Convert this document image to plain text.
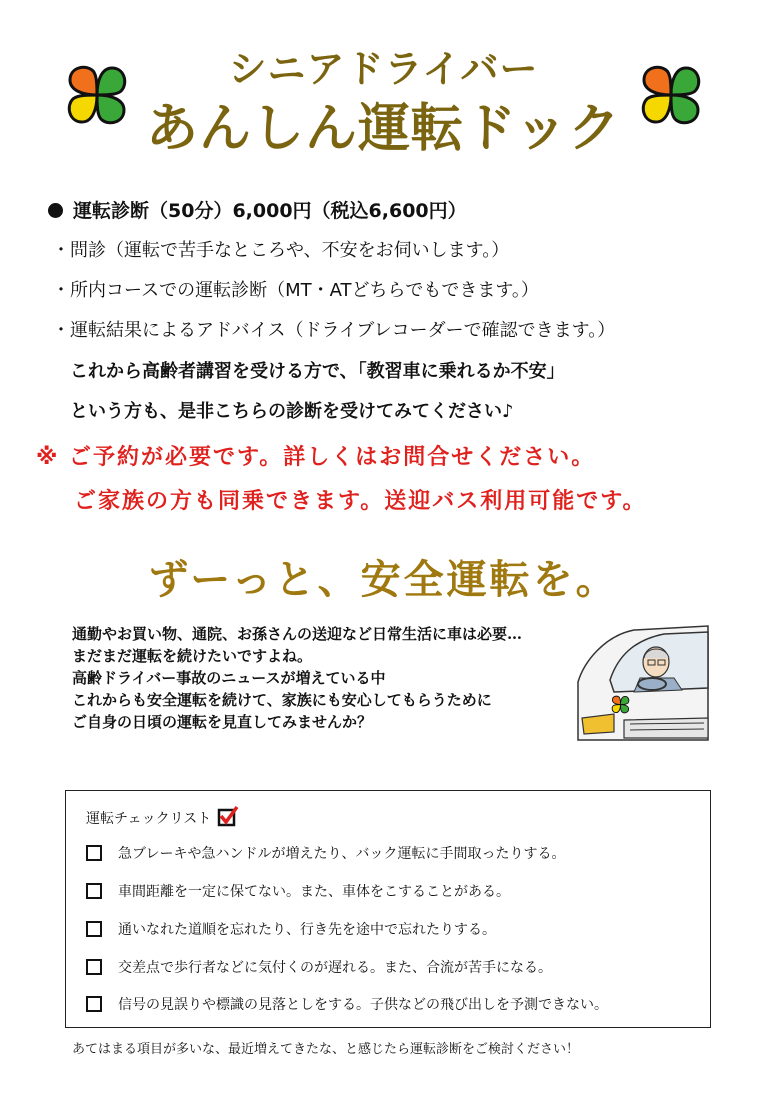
シニアドライバー
あんしん運転ドック
運転診断（50分）6,000円（税込6,600円）
・問診（運転で苦手なところや、不安をお伺いします。）
・所内コースでの運転診断（MT・ATどちらでもできます。）
・運転結果によるアドバイス（ドライブレコーダーで確認できます。）
これから高齢者講習を受ける方で、「教習車に乗れるか不安」
という方も、是非こちらの診断を受けてみてください♪
※ ご予約が必要です。詳しくはお問合せください。
ご家族の方も同乗できます。送迎バス利用可能です。
ずーっと、安全運転を。
通勤やお買い物、通院、お孫さんの送迎など日常生活に車は必要…
まだまだ運転を続けたいですよね。
高齢ドライバー事故のニュースが増えている中
これからも安全運転を続けて、家族にも安心してもらうために
ご自身の日頃の運転を見直してみませんか？
運転チェックリスト
急ブレーキや急ハンドルが増えたり、バック運転に手間取ったりする。
車間距離を一定に保てない。また、車体をこすることがある。
通いなれた道順を忘れたり、行き先を途中で忘れたりする。
交差点で歩行者などに気付くのが遅れる。また、合流が苦手になる。
信号の見誤りや標識の見落としをする。子供などの飛び出しを予測できない。
あてはまる項目が多いな、最近増えてきたな、と感じたら運転診断をご検討ください！
